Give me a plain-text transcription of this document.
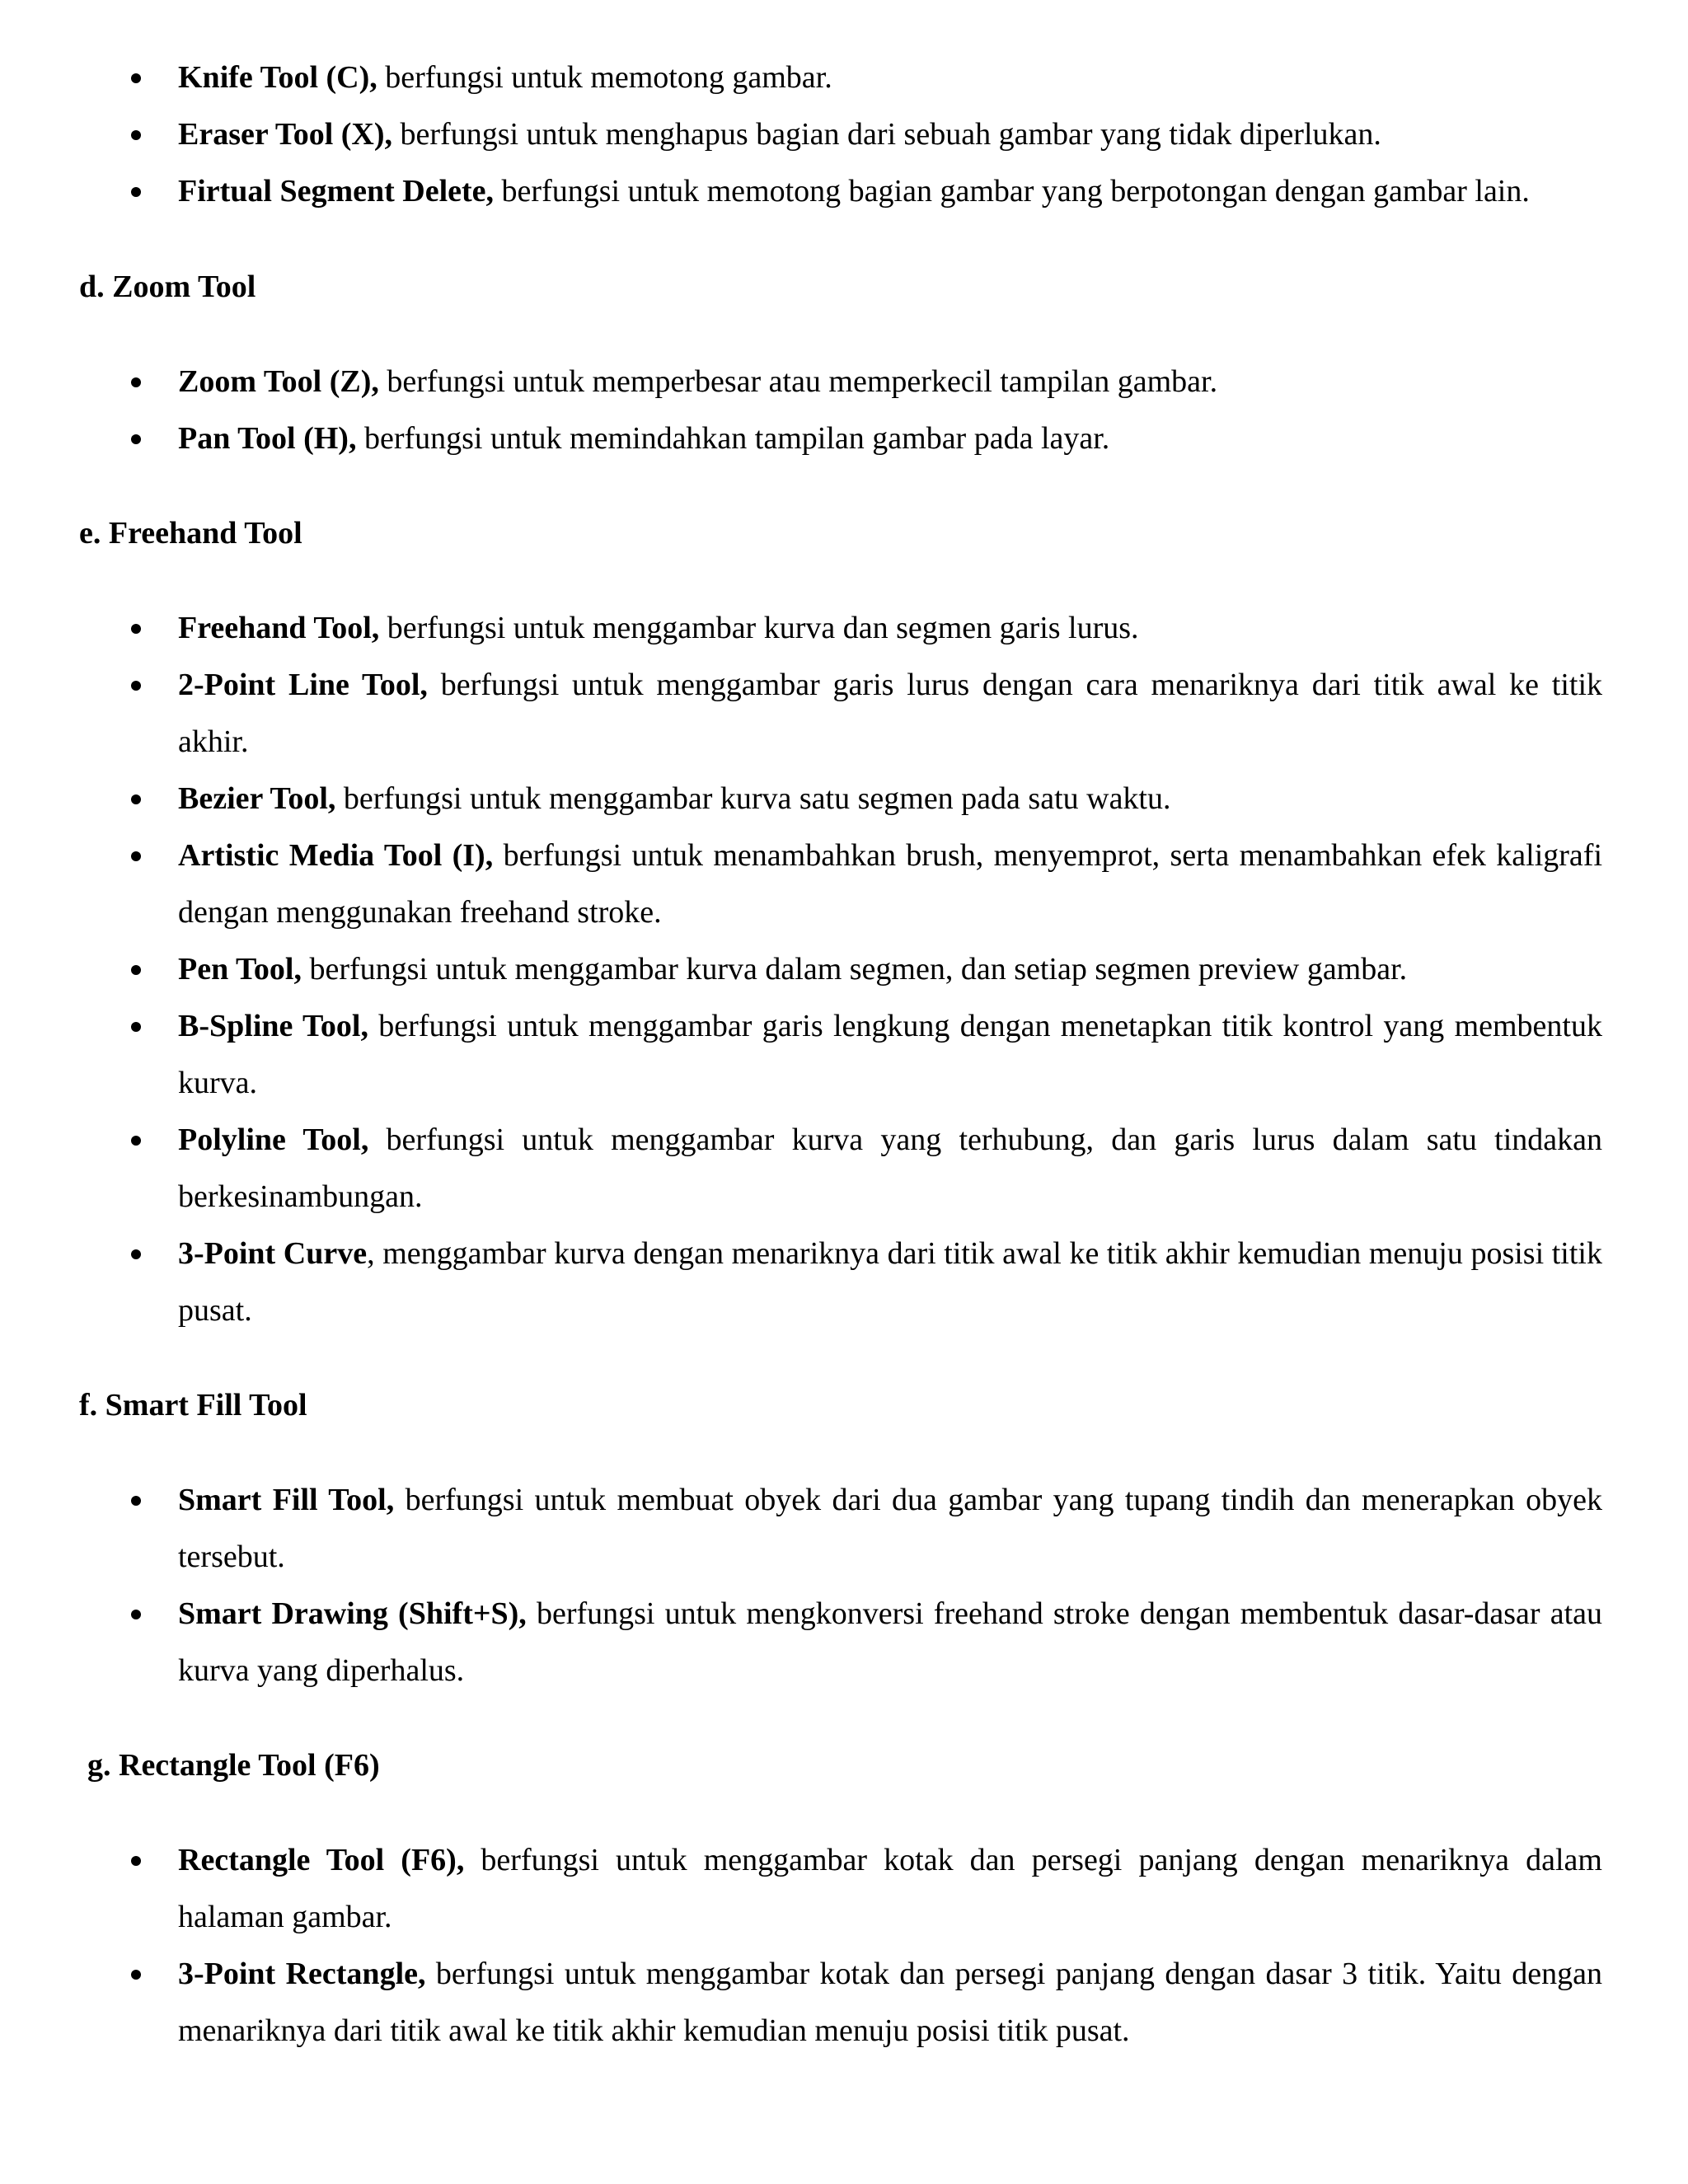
Knife Tool (C), berfungsi untuk memotong gambar.
Eraser Tool (X), berfungsi untuk menghapus bagian dari sebuah gambar yang tidak diperlukan.
Firtual Segment Delete, berfungsi untuk memotong bagian gambar yang berpotongan dengan gambar lain.
d. Zoom Tool
Zoom Tool (Z), berfungsi untuk memperbesar atau memperkecil tampilan gambar.
Pan Tool (H), berfungsi untuk memindahkan tampilan gambar pada layar.
e. Freehand Tool
Freehand Tool, berfungsi untuk menggambar kurva dan segmen garis lurus.
2-Point Line Tool, berfungsi untuk menggambar garis lurus dengan cara menariknya dari titik awal ke titik akhir.
Bezier Tool, berfungsi untuk menggambar kurva satu segmen pada satu waktu.
Artistic Media Tool (I), berfungsi untuk menambahkan brush, menyemprot, serta menambahkan efek kaligrafi dengan menggunakan freehand stroke.
Pen Tool, berfungsi untuk menggambar kurva dalam segmen, dan setiap segmen preview gambar.
B-Spline Tool, berfungsi untuk menggambar garis lengkung dengan menetapkan titik kontrol yang membentuk kurva.
Polyline Tool, berfungsi untuk menggambar kurva yang terhubung, dan garis lurus dalam satu tindakan berkesinambungan.
3-Point Curve, menggambar kurva dengan menariknya dari titik awal ke titik akhir kemudian menuju posisi titik pusat.
f. Smart Fill Tool
Smart Fill Tool, berfungsi untuk membuat obyek dari dua gambar yang tupang tindih dan menerapkan obyek tersebut.
Smart Drawing (Shift+S), berfungsi untuk mengkonversi freehand stroke dengan membentuk dasar-dasar atau kurva yang diperhalus.
g. Rectangle Tool (F6)
Rectangle Tool (F6), berfungsi untuk menggambar kotak dan persegi panjang dengan menariknya dalam halaman gambar.
3-Point Rectangle, berfungsi untuk menggambar kotak dan persegi panjang dengan dasar 3 titik. Yaitu dengan menariknya dari titik awal ke titik akhir kemudian menuju posisi titik pusat.
